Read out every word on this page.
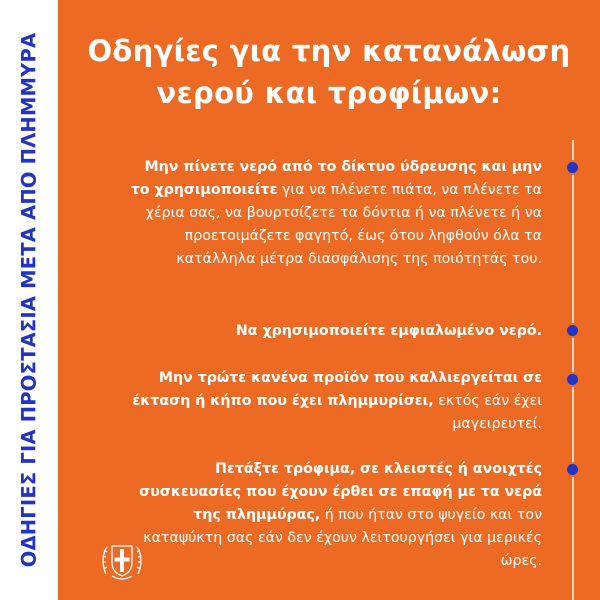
ΟΔΗΓΙΕΣ ΓΙΑ ΠΡΟΣΤΑΣΙΑ ΜΕΤΑ ΑΠΟ ΠΛΗΜΜΥΡΑ	Οδηγίες για την κατανάλωση
νερού και τροφίμων:
Μην πίνετε νερό από το δίκτυο ύδρευσης και μην το χρησιμοποιείτε για να πλένετε πιάτα, να πλένετε τα χέρια σας, να βουρτσίζετε τα δόντια ή να πλένετε ή να προετοιμάζετε φαγητό, έως ότου ληφθούν όλα τα κατάλληλα μέτρα διασφάλισης της ποιότητάς του.
Να χρησιμοποιείτε εμφιαλωμένο νερό.
Μην τρώτε κανένα προϊόν που καλλιεργείται σε έκταση ή κήπο που έχει πλημμυρίσει, εκτός εάν έχει μαγειρευτεί.
Πετάξτε τρόφιμα, σε κλειστές ή ανοιχτές συσκευασίες που έχουν έρθει σε επαφή με τα νερά της πλημμύρας, ή που ήταν στο ψυγείο και τον καταψύκτη σας εάν δεν έχουν λειτουργήσει για μερικές ώρες.
